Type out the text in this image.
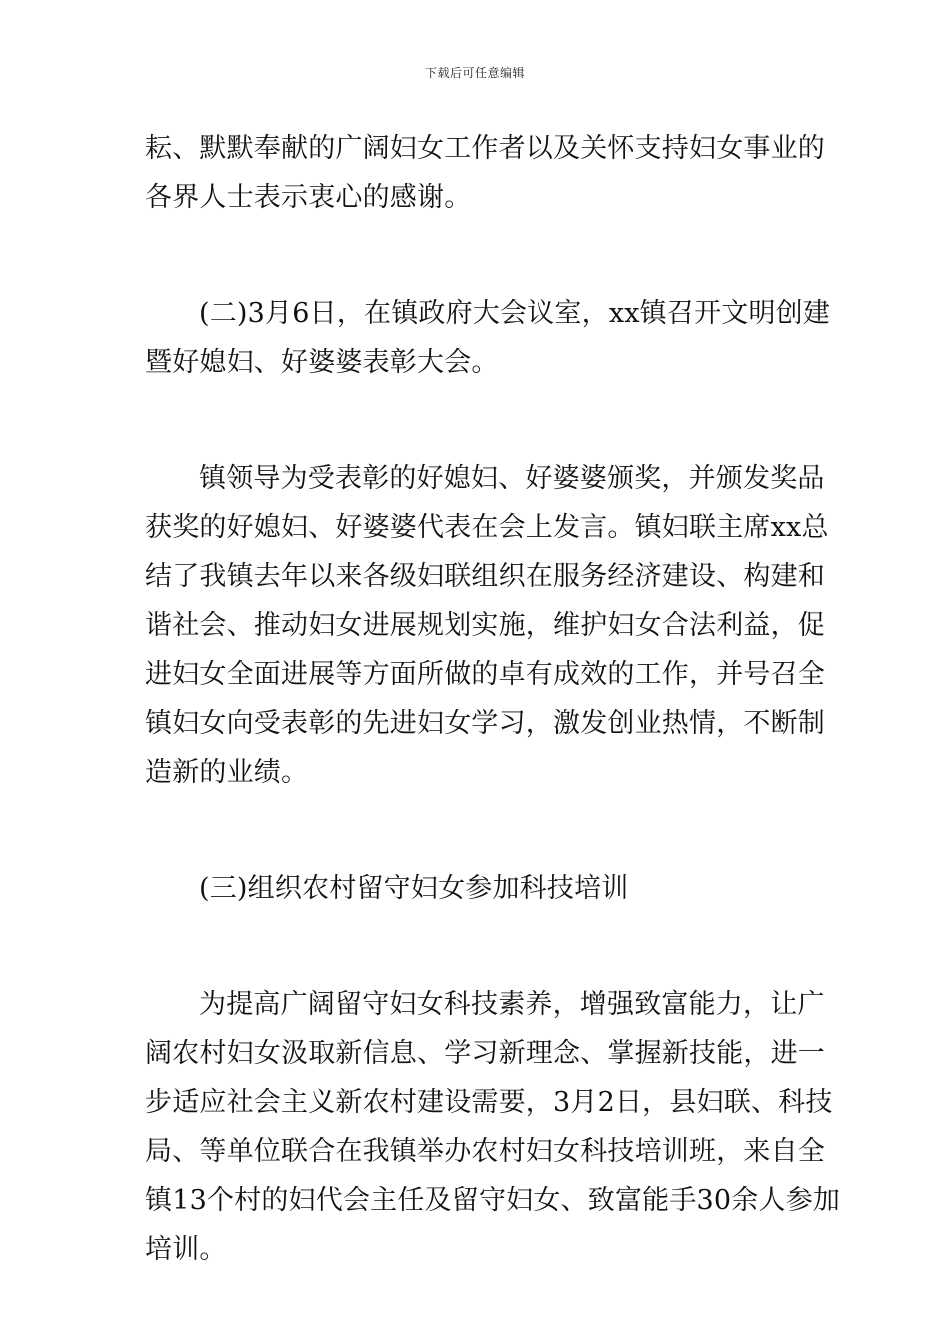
下载后可任意编辑

耘、默默奉献的广阔妇女工作者以及关怀支持妇女事业的
各界人士表示衷心的感谢。

(二)3月6日，在镇政府大会议室，xx镇召开文明创建
暨好媳妇、好婆婆表彰大会。

镇领导为受表彰的好媳妇、好婆婆颁奖，并颁发奖品
获奖的好媳妇、好婆婆代表在会上发言。镇妇联主席xx总
结了我镇去年以来各级妇联组织在服务经济建设、构建和
谐社会、推动妇女进展规划实施，维护妇女合法利益，促
进妇女全面进展等方面所做的卓有成效的工作，并号召全
镇妇女向受表彰的先进妇女学习，激发创业热情，不断制
造新的业绩。

(三)组织农村留守妇女参加科技培训

为提高广阔留守妇女科技素养，增强致富能力，让广
阔农村妇女汲取新信息、学习新理念、掌握新技能，进一
步适应社会主义新农村建设需要，3月2日，县妇联、科技
局、等单位联合在我镇举办农村妇女科技培训班，来自全
镇13个村的妇代会主任及留守妇女、致富能手30余人参加
培训。
